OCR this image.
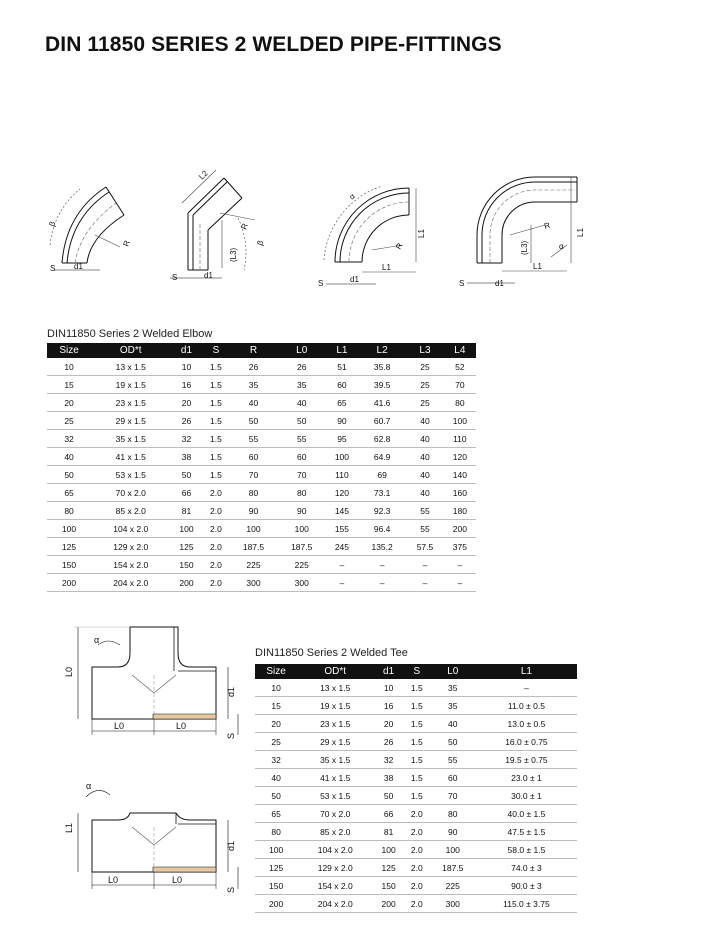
DIN 11850 SERIES 2 WELDED PIPE-FITTINGS
S d1
β
R
L2
R
(L3)
β
S	d1
α
R
L1
S	d1
L1
R
(L3)
L1
α
S	d1
L1
DIN11850 Series 2 Welded Elbow
Size	OD*t	d1	S	R	L0	L1	L2	L3	L4
10	13 x 1.5	10	1.5	26	26	51	35.8	25	52
15	19 x 1.5	16	1.5	35	35	60	39.5	25	70
20	23 x 1.5	20	1.5	40	40	65	41.6	25	80
25	29 x 1.5	26	1.5	50	50	90	60.7	40	100
32	35 x 1.5	32	1.5	55	55	95	62.8	40	110
40	41 x 1.5	38	1.5	60	60	100	64.9	40	120
50	53 x 1.5	50	1.5	70	70	110	69	40	140
65	70 x 2.0	66	2.0	80	80	120	73.1	40	160
80	85 x 2.0	81	2.0	90	90	145	92.3	55	180
100	104 x 2.0	100	2.0	100	100	155	96.4	55	200
125	129 x 2.0	125	2.0	187.5	187.5	245	135.2	57.5	375
150	154 x 2.0	150	2.0	225	225	–	–	–	–
200	204 x 2.0	200	2.0	300	300	–	–	–	–
α
L0
d1
L0	L0
S
α
L1
d1
L0	L0
S
DIN11850 Series 2 Welded Tee
Size	OD*t	d1	S	L0	L1
10	13 x 1.5	10	1.5	35	–
15	19 x 1.5	16	1.5	35	11.0 ± 0.5
20	23 x 1.5	20	1.5	40	13.0 ± 0.5
25	29 x 1.5	26	1.5	50	16.0 ± 0.75
32	35 x 1.5	32	1.5	55	19.5 ± 0.75
40	41 x 1.5	38	1.5	60	23.0 ± 1
50	53 x 1.5	50	1.5	70	30.0 ± 1
65	70 x 2.0	66	2.0	80	40.0 ± 1.5
80	85 x 2.0	81	2.0	90	47.5 ± 1.5
100	104 x 2.0	100	2.0	100	58.0 ± 1.5
125	129 x 2.0	125	2.0	187.5	74.0 ± 3
150	154 x 2.0	150	2.0	225	90.0 ± 3
200	204 x 2.0	200	2.0	300	115.0 ± 3.75
